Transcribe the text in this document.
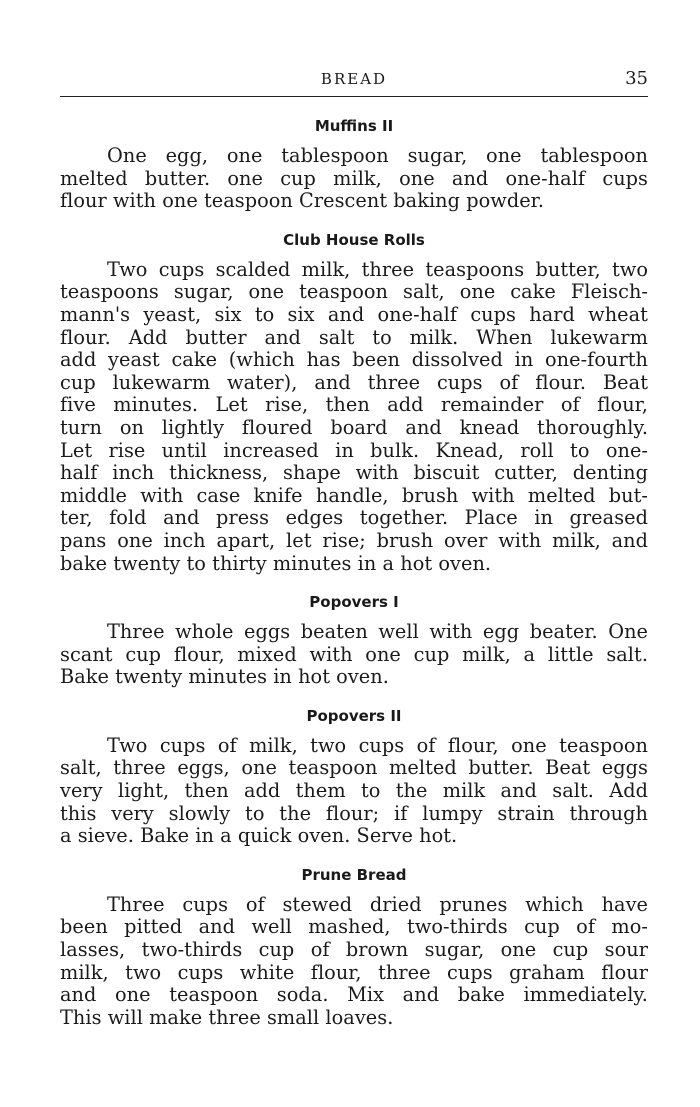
BREAD	35
Muffins II

One egg, one tablespoon sugar, one tablespoon
melted butter. one cup milk, one and one-half cups
flour with one teaspoon Crescent baking powder.

Club House Rolls

Two cups scalded milk, three teaspoons butter, two
teaspoons sugar, one teaspoon salt, one cake Fleisch-
mann's yeast, six to six and one-half cups hard wheat
flour. Add butter and salt to milk. When lukewarm
add yeast cake (which has been dissolved in one-fourth
cup lukewarm water), and three cups of flour. Beat
five minutes. Let rise, then add remainder of flour,
turn on lightly floured board and knead thoroughly.
Let rise until increased in bulk. Knead, roll to one-
half inch thickness, shape with biscuit cutter, denting
middle with case knife handle, brush with melted but-
ter, fold and press edges together. Place in greased
pans one inch apart, let rise; brush over with milk, and
bake twenty to thirty minutes in a hot oven.

Popovers I

Three whole eggs beaten well with egg beater. One
scant cup flour, mixed with one cup milk, a little salt.
Bake twenty minutes in hot oven.

Popovers II

Two cups of milk, two cups of flour, one teaspoon
salt, three eggs, one teaspoon melted butter. Beat eggs
very light, then add them to the milk and salt. Add
this very slowly to the flour; if lumpy strain through
a sieve. Bake in a quick oven. Serve hot.

Prune Bread

Three cups of stewed dried prunes which have
been pitted and well mashed, two-thirds cup of mo-
lasses, two-thirds cup of brown sugar, one cup sour
milk, two cups white flour, three cups graham flour
and one teaspoon soda. Mix and bake immediately.
This will make three small loaves.
